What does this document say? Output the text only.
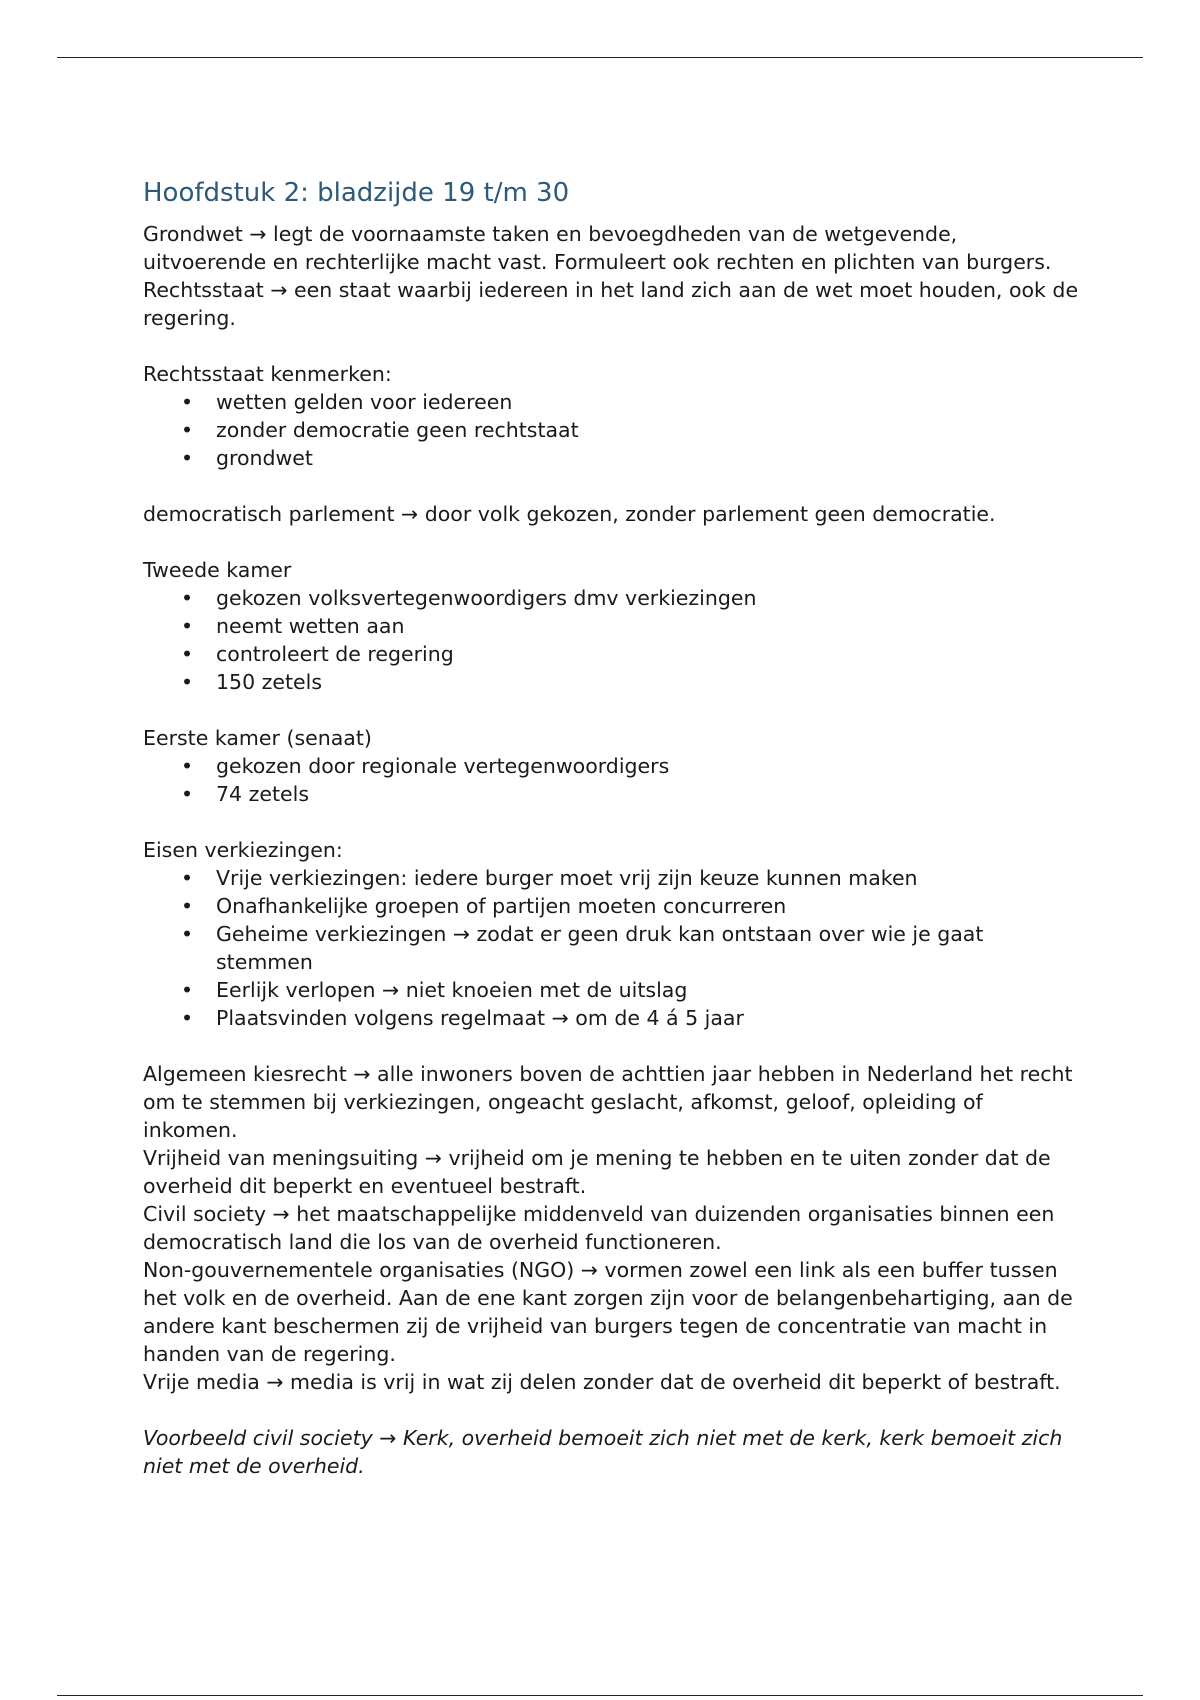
Hoofdstuk 2: bladzijde 19 t/m 30

Grondwet → legt de voornaamste taken en bevoegdheden van de wetgevende, uitvoerende en rechterlijke macht vast. Formuleert ook rechten en plichten van burgers.

Rechtsstaat → een staat waarbij iedereen in het land zich aan de wet moet houden, ook de regering.

Rechtsstaat kenmerken:

• wetten gelden voor iedereen
• zonder democratie geen rechtstaat
• grondwet

democratisch parlement → door volk gekozen, zonder parlement geen democratie.

Tweede kamer

• gekozen volksvertegenwoordigers dmv verkiezingen
• neemt wetten aan
• controleert de regering
• 150 zetels

Eerste kamer (senaat)

• gekozen door regionale vertegenwoordigers
• 74 zetels

Eisen verkiezingen:

• Vrije verkiezingen: iedere burger moet vrij zijn keuze kunnen maken
• Onafhankelijke groepen of partijen moeten concurreren
• Geheime verkiezingen → zodat er geen druk kan ontstaan over wie je gaat stemmen
• Eerlijk verlopen → niet knoeien met de uitslag
• Plaatsvinden volgens regelmaat → om de 4 á 5 jaar

Algemeen kiesrecht → alle inwoners boven de achttien jaar hebben in Nederland het recht om te stemmen bij verkiezingen, ongeacht geslacht, afkomst, geloof, opleiding of inkomen.

Vrijheid van meningsuiting → vrijheid om je mening te hebben en te uiten zonder dat de overheid dit beperkt en eventueel bestraft.

Civil society → het maatschappelijke middenveld van duizenden organisaties binnen een democratisch land die los van de overheid functioneren.

Non-gouvernementele organisaties (NGO) → vormen zowel een link als een buffer tussen het volk en de overheid. Aan de ene kant zorgen zijn voor de belangenbehartiging, aan de andere kant beschermen zij de vrijheid van burgers tegen de concentratie van macht in handen van de regering.

Vrije media → media is vrij in wat zij delen zonder dat de overheid dit beperkt of bestraft.

Voorbeeld civil society → Kerk, overheid bemoeit zich niet met de kerk, kerk bemoeit zich niet met de overheid.
